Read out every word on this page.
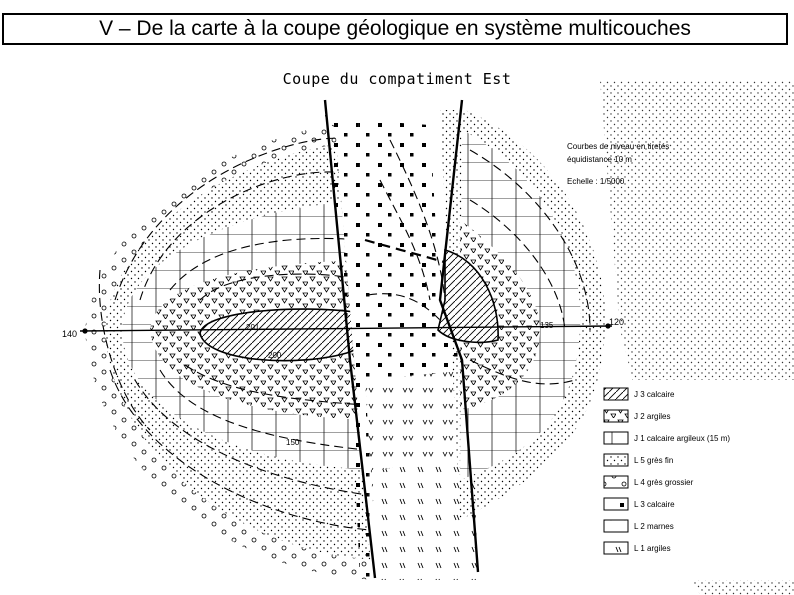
V – De la carte à la coupe géologique en système multicouches
Coupe du compatiment Est
140
120
201
200
135
150
Courbes de niveau en tiretés
équidistance 10 m
Echelle : 1/5000
J 3 calcaire
J 2 argiles
J 1 calcaire argileux (15 m)
L 5 grès fin
L 4 grès grossier
L 3 calcaire
L 2 marnes
L 1 argiles
